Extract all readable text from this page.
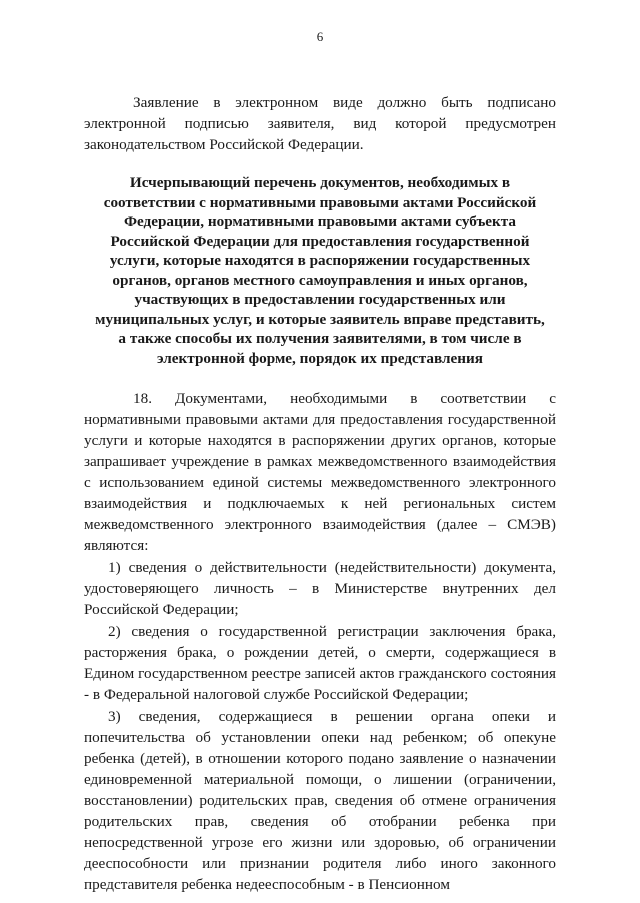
6

Заявление в электронном виде должно быть подписано электронной подписью заявителя, вид которой предусмотрен законодательством Российской Федерации.

Исчерпывающий перечень документов, необходимых в
соответствии с нормативными правовыми актами Российской
Федерации, нормативными правовыми актами субъекта
Российской Федерации для предоставления государственной
услуги, которые находятся в распоряжении государственных
органов, органов местного самоуправления и иных органов,
участвующих в предоставлении государственных или
муниципальных услуг, и которые заявитель вправе представить,
а также способы их получения заявителями, в том числе в
электронной форме, порядок их представления

18. Документами, необходимыми в соответствии с нормативными правовыми актами для предоставления государственной услуги и которые находятся в распоряжении других органов, которые запрашивает учреждение в рамках межведомственного взаимодействия с использованием единой системы межведомственного электронного взаимодействия и подключаемых к ней региональных систем межведомственного электронного взаимодействия (далее – СМЭВ) являются:

1) сведения о действительности (недействительности) документа, удостоверяющего личность – в Министерстве внутренних дел Российской Федерации;

2) сведения о государственной регистрации заключения брака, расторжения брака, о рождении детей, о смерти, содержащиеся в Едином государственном реестре записей актов гражданского состояния - в Федеральной налоговой службе Российской Федерации;

3) сведения, содержащиеся в решении органа опеки и попечительства об установлении опеки над ребенком; об опекуне ребенка (детей), в отношении которого подано заявление о назначении единовременной материальной помощи, о лишении (ограничении, восстановлении) родительских прав, сведения об отмене ограничения родительских прав, сведения об отобрании ребенка при непосредственной угрозе его жизни или здоровью, об ограничении дееспособности или признании родителя либо иного законного представителя ребенка недееспособным - в Пенсионном
